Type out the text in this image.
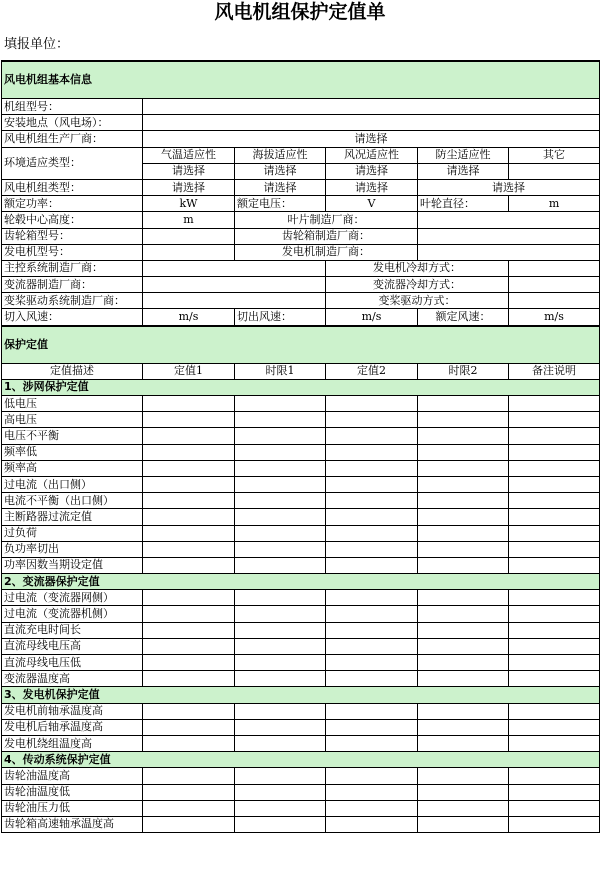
风电机组保护定值单
填报单位：
风电机组基本信息					
机组型号：					
安装地点（风电场）：					
风电机组生产厂商：	请选择				
环境适应类型：	气温适应性	海拔适应性	风况适应性	防尘适应性	其它
	请选择	请选择	请选择	请选择	
风电机组类型：	请选择	请选择	请选择	请选择	
额定功率：	kW	额定电压：	V	叶轮直径：	m
轮毂中心高度：	m	叶片制造厂商：			
齿轮箱型号：		齿轮箱制造厂商：			
发电机型号：		发电机制造厂商：			
主控系统制造厂商：			发电机冷却方式：		
变流器制造厂商：			变流器冷却方式：		
变桨驱动系统制造厂商：			变桨驱动方式：		
切入风速：	m/s	切出风速：	m/s	额定风速：	m/s
保护定值					
定值描述	定值1	时限1	定值2	时限2	备注说明
1、涉网保护定值					
低电压					
高电压					
电压不平衡					
频率低					
频率高					
过电流（出口侧）					
电流不平衡（出口侧）					
主断路器过流定值					
过负荷					
负功率切出					
功率因数当期设定值					
2、变流器保护定值					
过电流（变流器网侧）					
过电流（变流器机侧）					
直流充电时间长					
直流母线电压高					
直流母线电压低					
变流器温度高					
3、发电机保护定值					
发电机前轴承温度高					
发电机后轴承温度高					
发电机绕组温度高					
4、传动系统保护定值					
齿轮油温度高					
齿轮油温度低					
齿轮油压力低					
齿轮箱高速轴承温度高					
